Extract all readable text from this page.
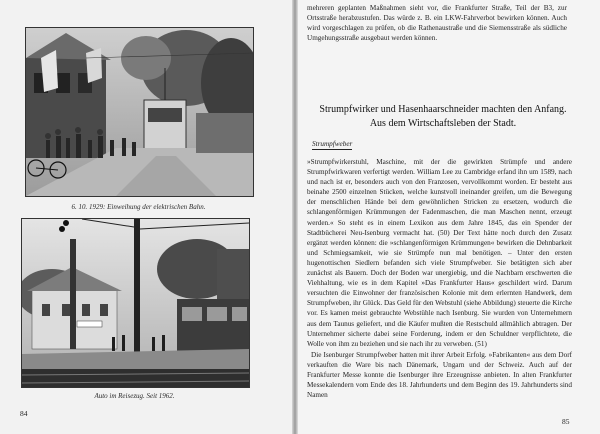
6. 10. 1929: Einweihung der elektrischen Bahn.
Auto im Reisezug. Seit 1962.
84

mehreren geplanten Maßnahmen sieht vor, die Frankfurter Straße, Teil der B3, zur Ortsstraße herabzustufen. Das würde z. B. ein LKW-Fahrverbot bewirken können. Auch wird vorgeschlagen zu prüfen, ob die Rathenaustraße und die Siemensstraße als südliche Umgehungsstraße ausgebaut werden können.

Strumpfwirker und Hasenhaarschneider machten den Anfang. Aus dem Wirtschaftsleben der Stadt.

Strumpfweber

»Strumpfwirkerstuhl, Maschine, mit der die gewirkten Strümpfe und andere Strumpfwirkwaren verfertigt werden. William Lee zu Cambridge erfand ihn um 1589, nach und nach ist er, besonders auch von den Franzosen, vervollkommt worden. Er besteht aus beinahe 2500 einzelnen Stücken, welche kunstvoll ineinander greifen, um die Bewegung der menschlichen Hände bei dem gewöhnlichen Stricken zu ersetzen, wodurch die schlangenförmigen Krümmungen der Fadenmaschen, die man Maschen nennt, erzeugt werden.« So steht es in einem Lexikon aus dem Jahre 1845, das ein Spender der Stadtbücherei Neu-Isenburg vermacht hat. (50) Der Text hätte noch durch den Zusatz ergänzt werden können: die »schlangenförmigen Krümmungen« bewirken die Dehnbarkeit und Schmiegsamkeit, wie sie Strümpfe nun mal benötigen. – Unter den ersten hugenottischen Siedlern befanden sich viele Strumpfweber. Sie betätigten sich aber zunächst als Bauern. Doch der Boden war unergiebig, und die Nachbarn erschwerten die Viehhaltung, wie es in dem Kapitel »Das Frankfurter Haus« geschildert wird. Darum versuchten die Einwohner der französischen Kolonie mit dem erlernten Handwerk, dem Strumpfweben, ihr Glück. Das Geld für den Webstuhl (siehe Abbildung) steuerte die Kirche vor. Es kamen meist gebrauchte Webstühle nach Isenburg. Sie wurden von Unternehmern aus dem Taunus geliefert, und die Käufer mußten die Restschuld allmählich abtragen. Der Unternehmer sicherte dabei seine Forderung, indem er den Schuldner verpflichtete, die Wolle von ihm zu beziehen und sie nach ihr zu verweben. (51)

Die Isenburger Strumpfweber hatten mit ihrer Arbeit Erfolg. »Fabrikanten« aus dem Dorf verkauften die Ware bis nach Dänemark, Ungarn und der Schweiz. Auch auf der Frankfurter Messe konnte die Isenburger ihre Erzeugnisse anbieten. In alten Frankfurter Messekalendern vom Ende des 18. Jahrhunderts und dem Beginn des 19. Jahrhunderts sind Namen

85
